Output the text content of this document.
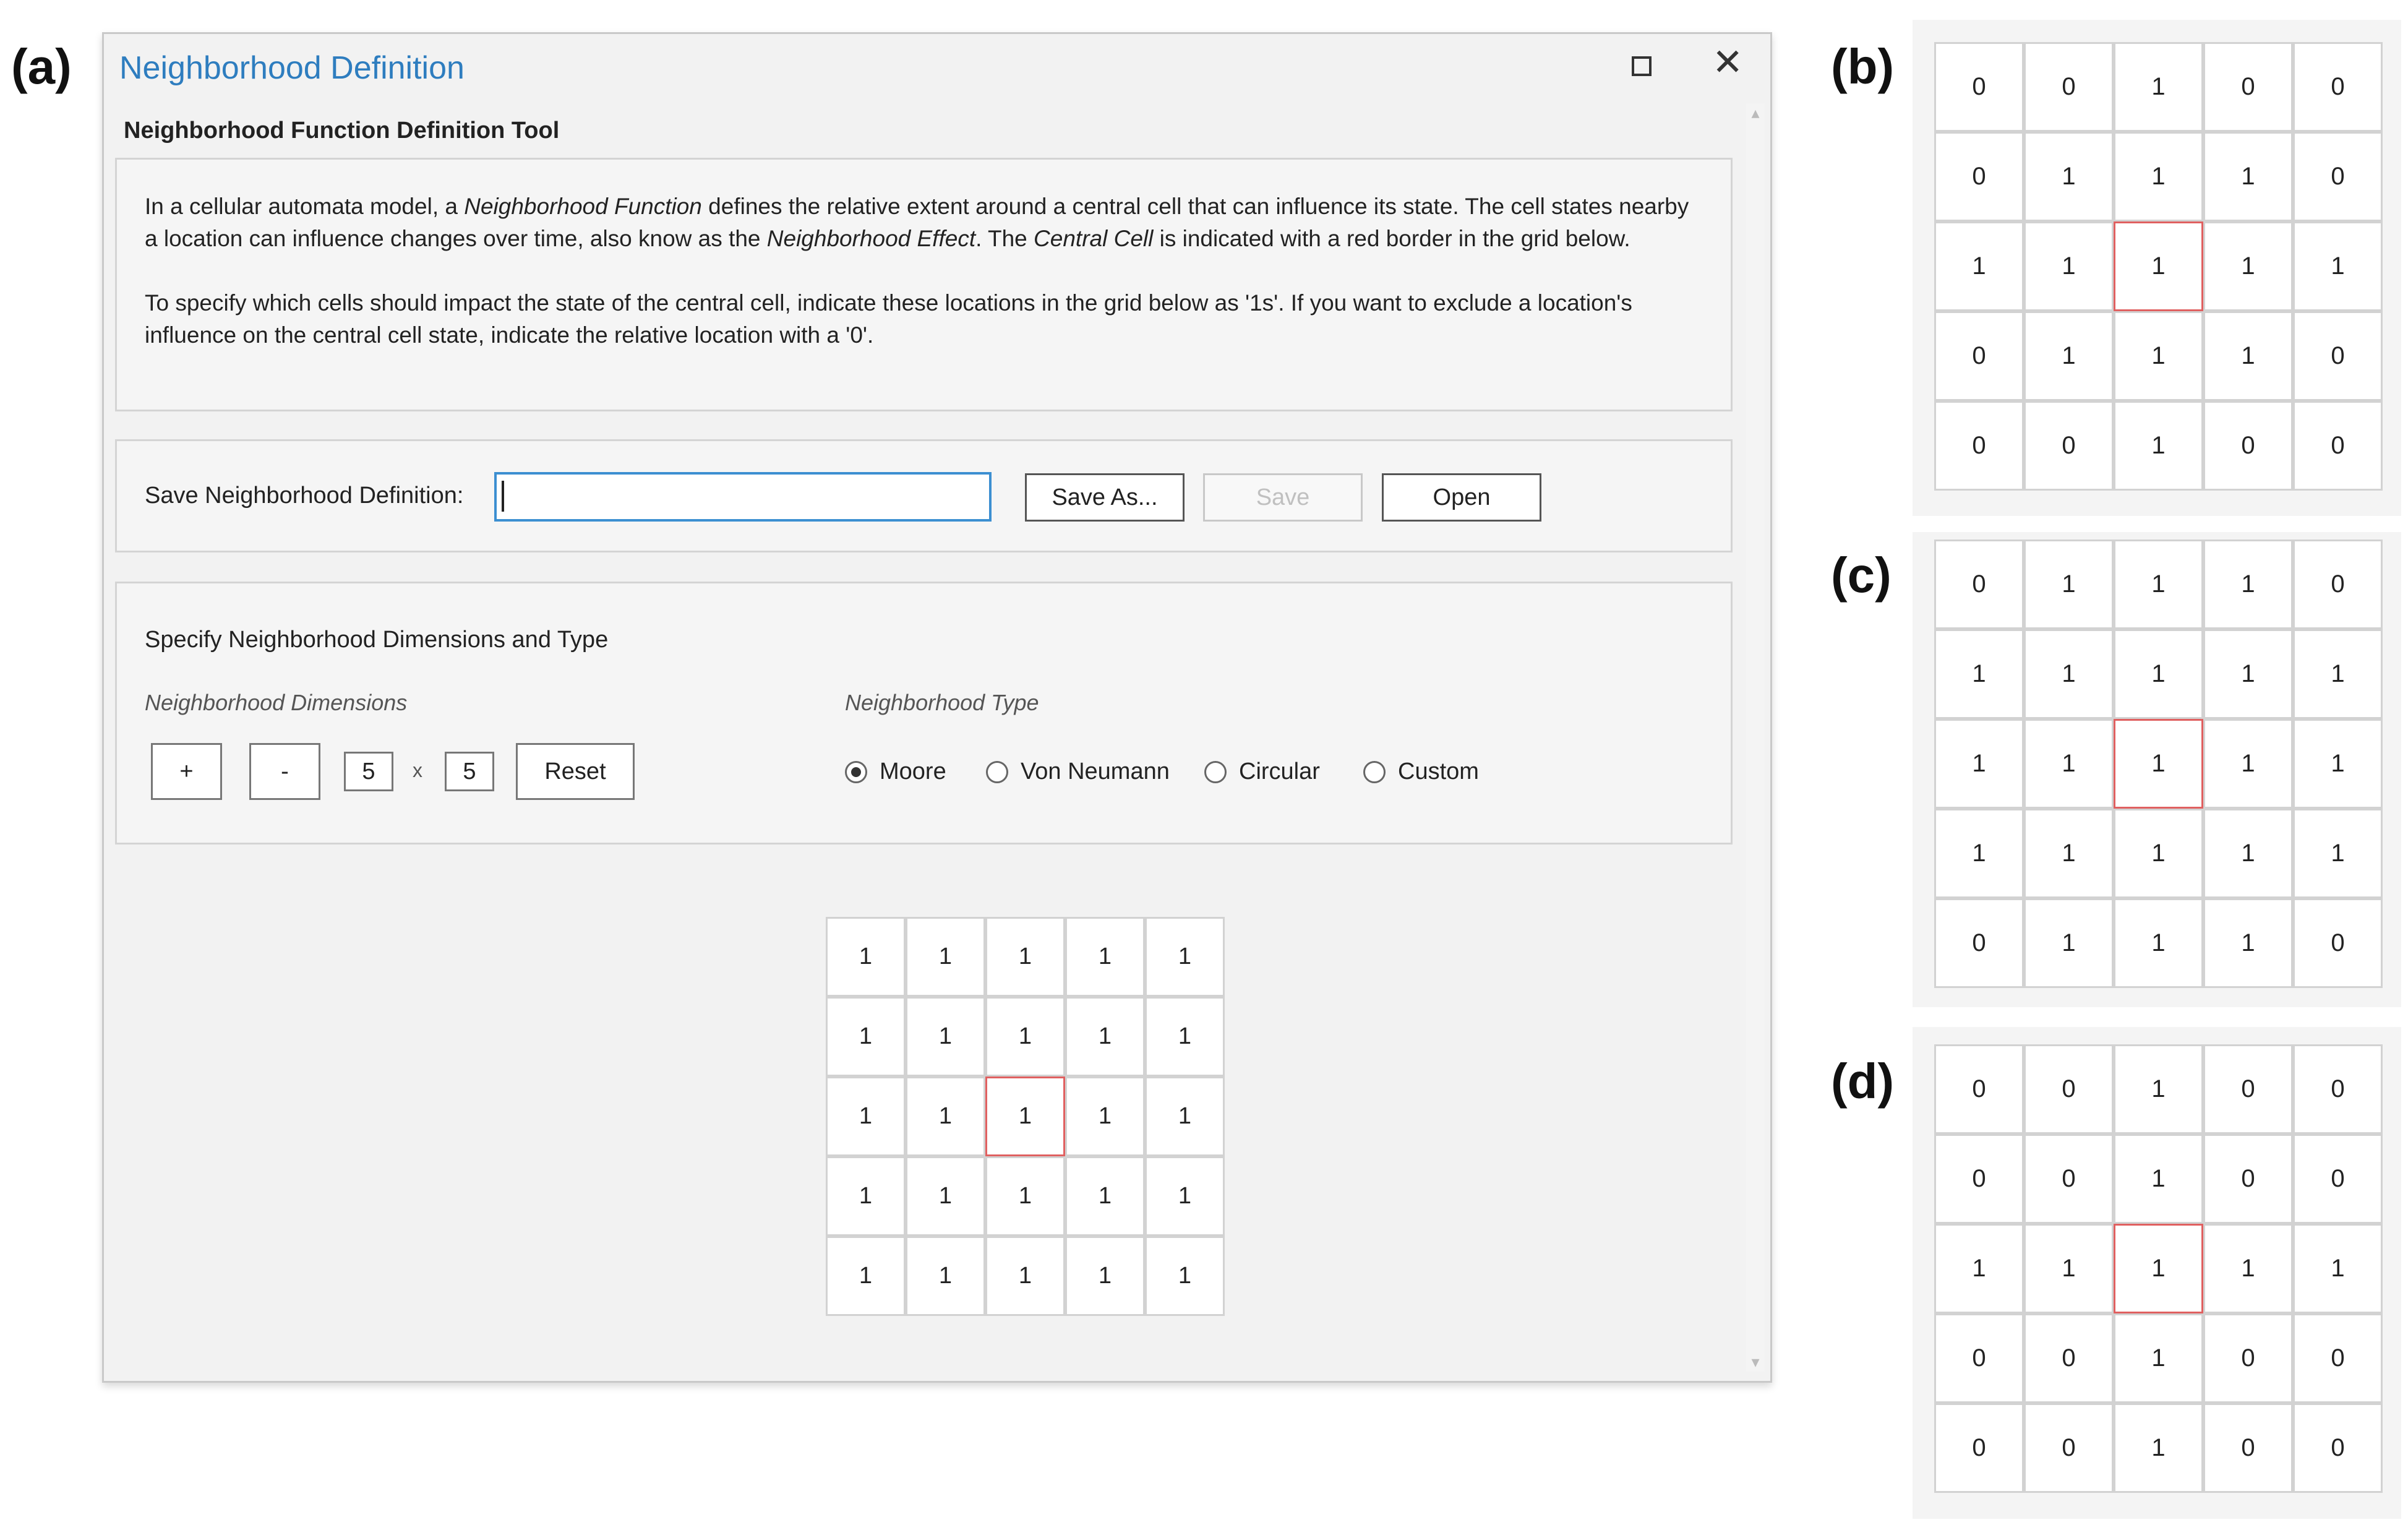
(a)	(b)
(c)
(d)
Neighborhood Definition	✕
Neighborhood Function Definition Tool
▴
▾

In a cellular automata model, a Neighborhood Function defines the relative extent around a central cell that can influence its state. The cell states nearby a location can influence changes over time, also know as the Neighborhood Effect. The Central Cell is indicated with a red border in the grid below.

To specify which cells should impact the state of the central cell, indicate these locations in the grid below as '1s'. If you want to exclude a location's influence on the central cell state, indicate the relative location with a '0'.

Save Neighborhood Definition:	Save As...	Save	Open
Specify Neighborhood Dimensions and Type
Neighborhood Dimensions
+	-	5	x	5	Reset
Neighborhood Type
Moore	Von Neumann	Circular	Custom
1	1	1	1	1
1	1	1	1	1
1	1	1	1	1
1	1	1	1	1
1	1	1	1	1
0	0	1	0	0
0	1	1	1	0
1	1	1	1	1
0	1	1	1	0
0	0	1	0	0
0	1	1	1	0
1	1	1	1	1
1	1	1	1	1
1	1	1	1	1
0	1	1	1	0
0	0	1	0	0
0	0	1	0	0
1	1	1	1	1
0	0	1	0	0
0	0	1	0	0
